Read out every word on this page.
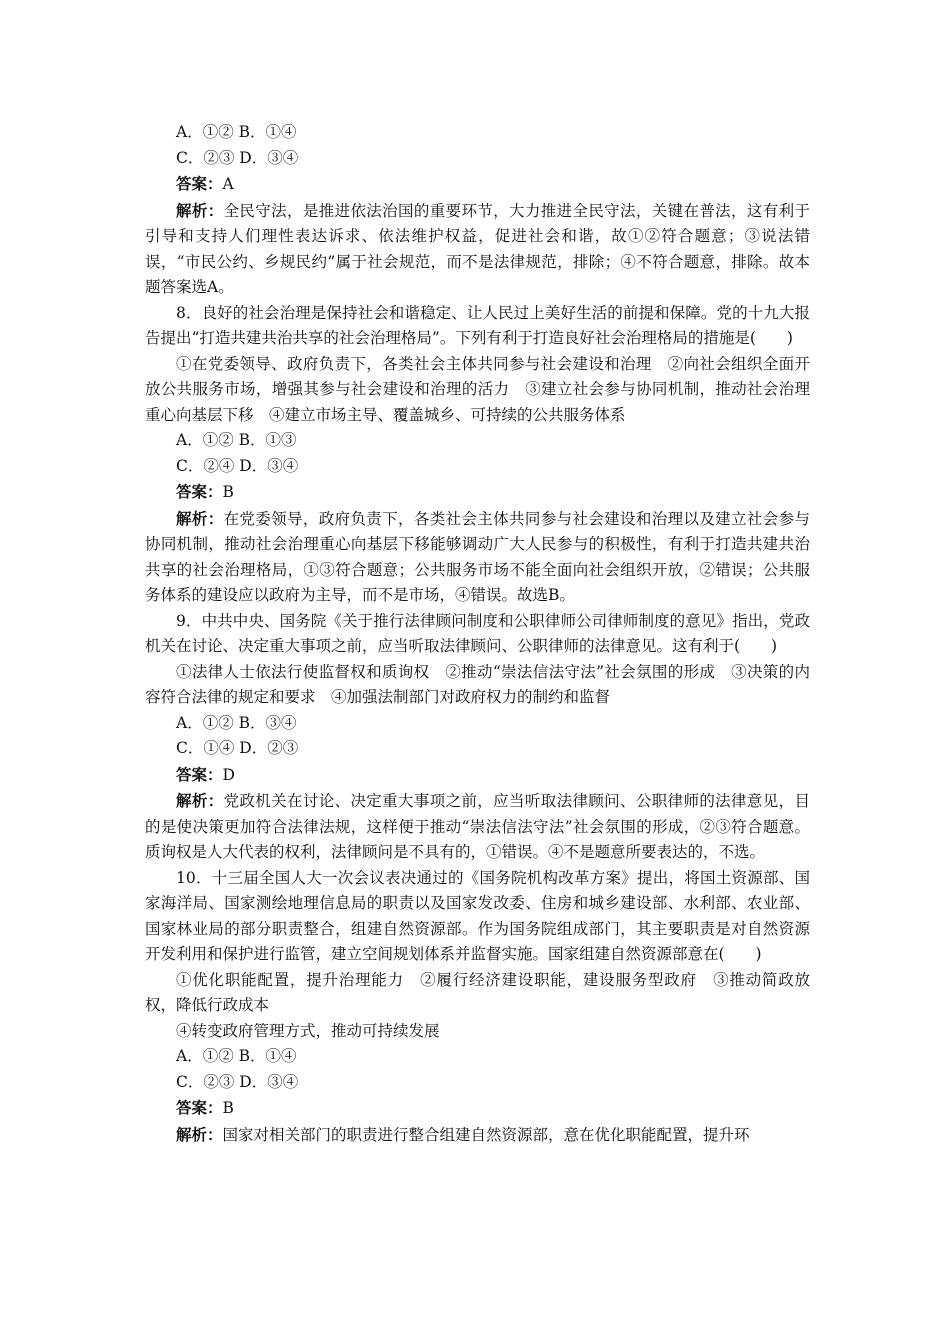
A．①② B．①④
C．②③ D．③④
答案：A
解析：全民守法，是推进依法治国的重要环节，大力推进全民守法，关键在普法，这有利于引导和支持人们理性表达诉求、依法维护权益，促进社会和谐，故①②符合题意；③说法错误，“市民公约、乡规民约”属于社会规范，而不是法律规范，排除；④不符合题意，排除。故本题答案选A。
8．良好的社会治理是保持社会和谐稳定、让人民过上美好生活的前提和保障。党的十九大报告提出“打造共建共治共享的社会治理格局”。下列有利于打造良好社会治理格局的措施是(　　)
①在党委领导、政府负责下，各类社会主体共同参与社会建设和治理　②向社会组织全面开放公共服务市场，增强其参与社会建设和治理的活力　③建立社会参与协同机制，推动社会治理重心向基层下移　④建立市场主导、覆盖城乡、可持续的公共服务体系
A．①② B．①③
C．②④ D．③④
答案：B
解析：在党委领导，政府负责下，各类社会主体共同参与社会建设和治理以及建立社会参与协同机制，推动社会治理重心向基层下移能够调动广大人民参与的积极性，有利于打造共建共治共享的社会治理格局，①③符合题意；公共服务市场不能全面向社会组织开放，②错误；公共服务体系的建设应以政府为主导，而不是市场，④错误。故选B。
9．中共中央、国务院《关于推行法律顾问制度和公职律师公司律师制度的意见》指出，党政机关在讨论、决定重大事项之前，应当听取法律顾问、公职律师的法律意见。这有利于(　　)
①法律人士依法行使监督权和质询权　②推动“崇法信法守法”社会氛围的形成　③决策的内容符合法律的规定和要求　④加强法制部门对政府权力的制约和监督
A．①② B．③④
C．①④ D．②③
答案：D
解析：党政机关在讨论、决定重大事项之前，应当听取法律顾问、公职律师的法律意见，目的是使决策更加符合法律法规，这样便于推动“崇法信法守法”社会氛围的形成，②③符合题意。质询权是人大代表的权利，法律顾问是不具有的，①错误。④不是题意所要表达的，不选。
10．十三届全国人大一次会议表决通过的《国务院机构改革方案》提出，将国土资源部、国家海洋局、国家测绘地理信息局的职责以及国家发改委、住房和城乡建设部、水利部、农业部、国家林业局的部分职责整合，组建自然资源部。作为国务院组成部门，其主要职责是对自然资源开发利用和保护进行监管，建立空间规划体系并监督实施。国家组建自然资源部意在(　　)
①优化职能配置，提升治理能力　②履行经济建设职能，建设服务型政府　③推动简政放权，降低行政成本
④转变政府管理方式，推动可持续发展
A．①② B．①④
C．②③ D．③④
答案：B
解析：国家对相关部门的职责进行整合组建自然资源部，意在优化职能配置，提升环
